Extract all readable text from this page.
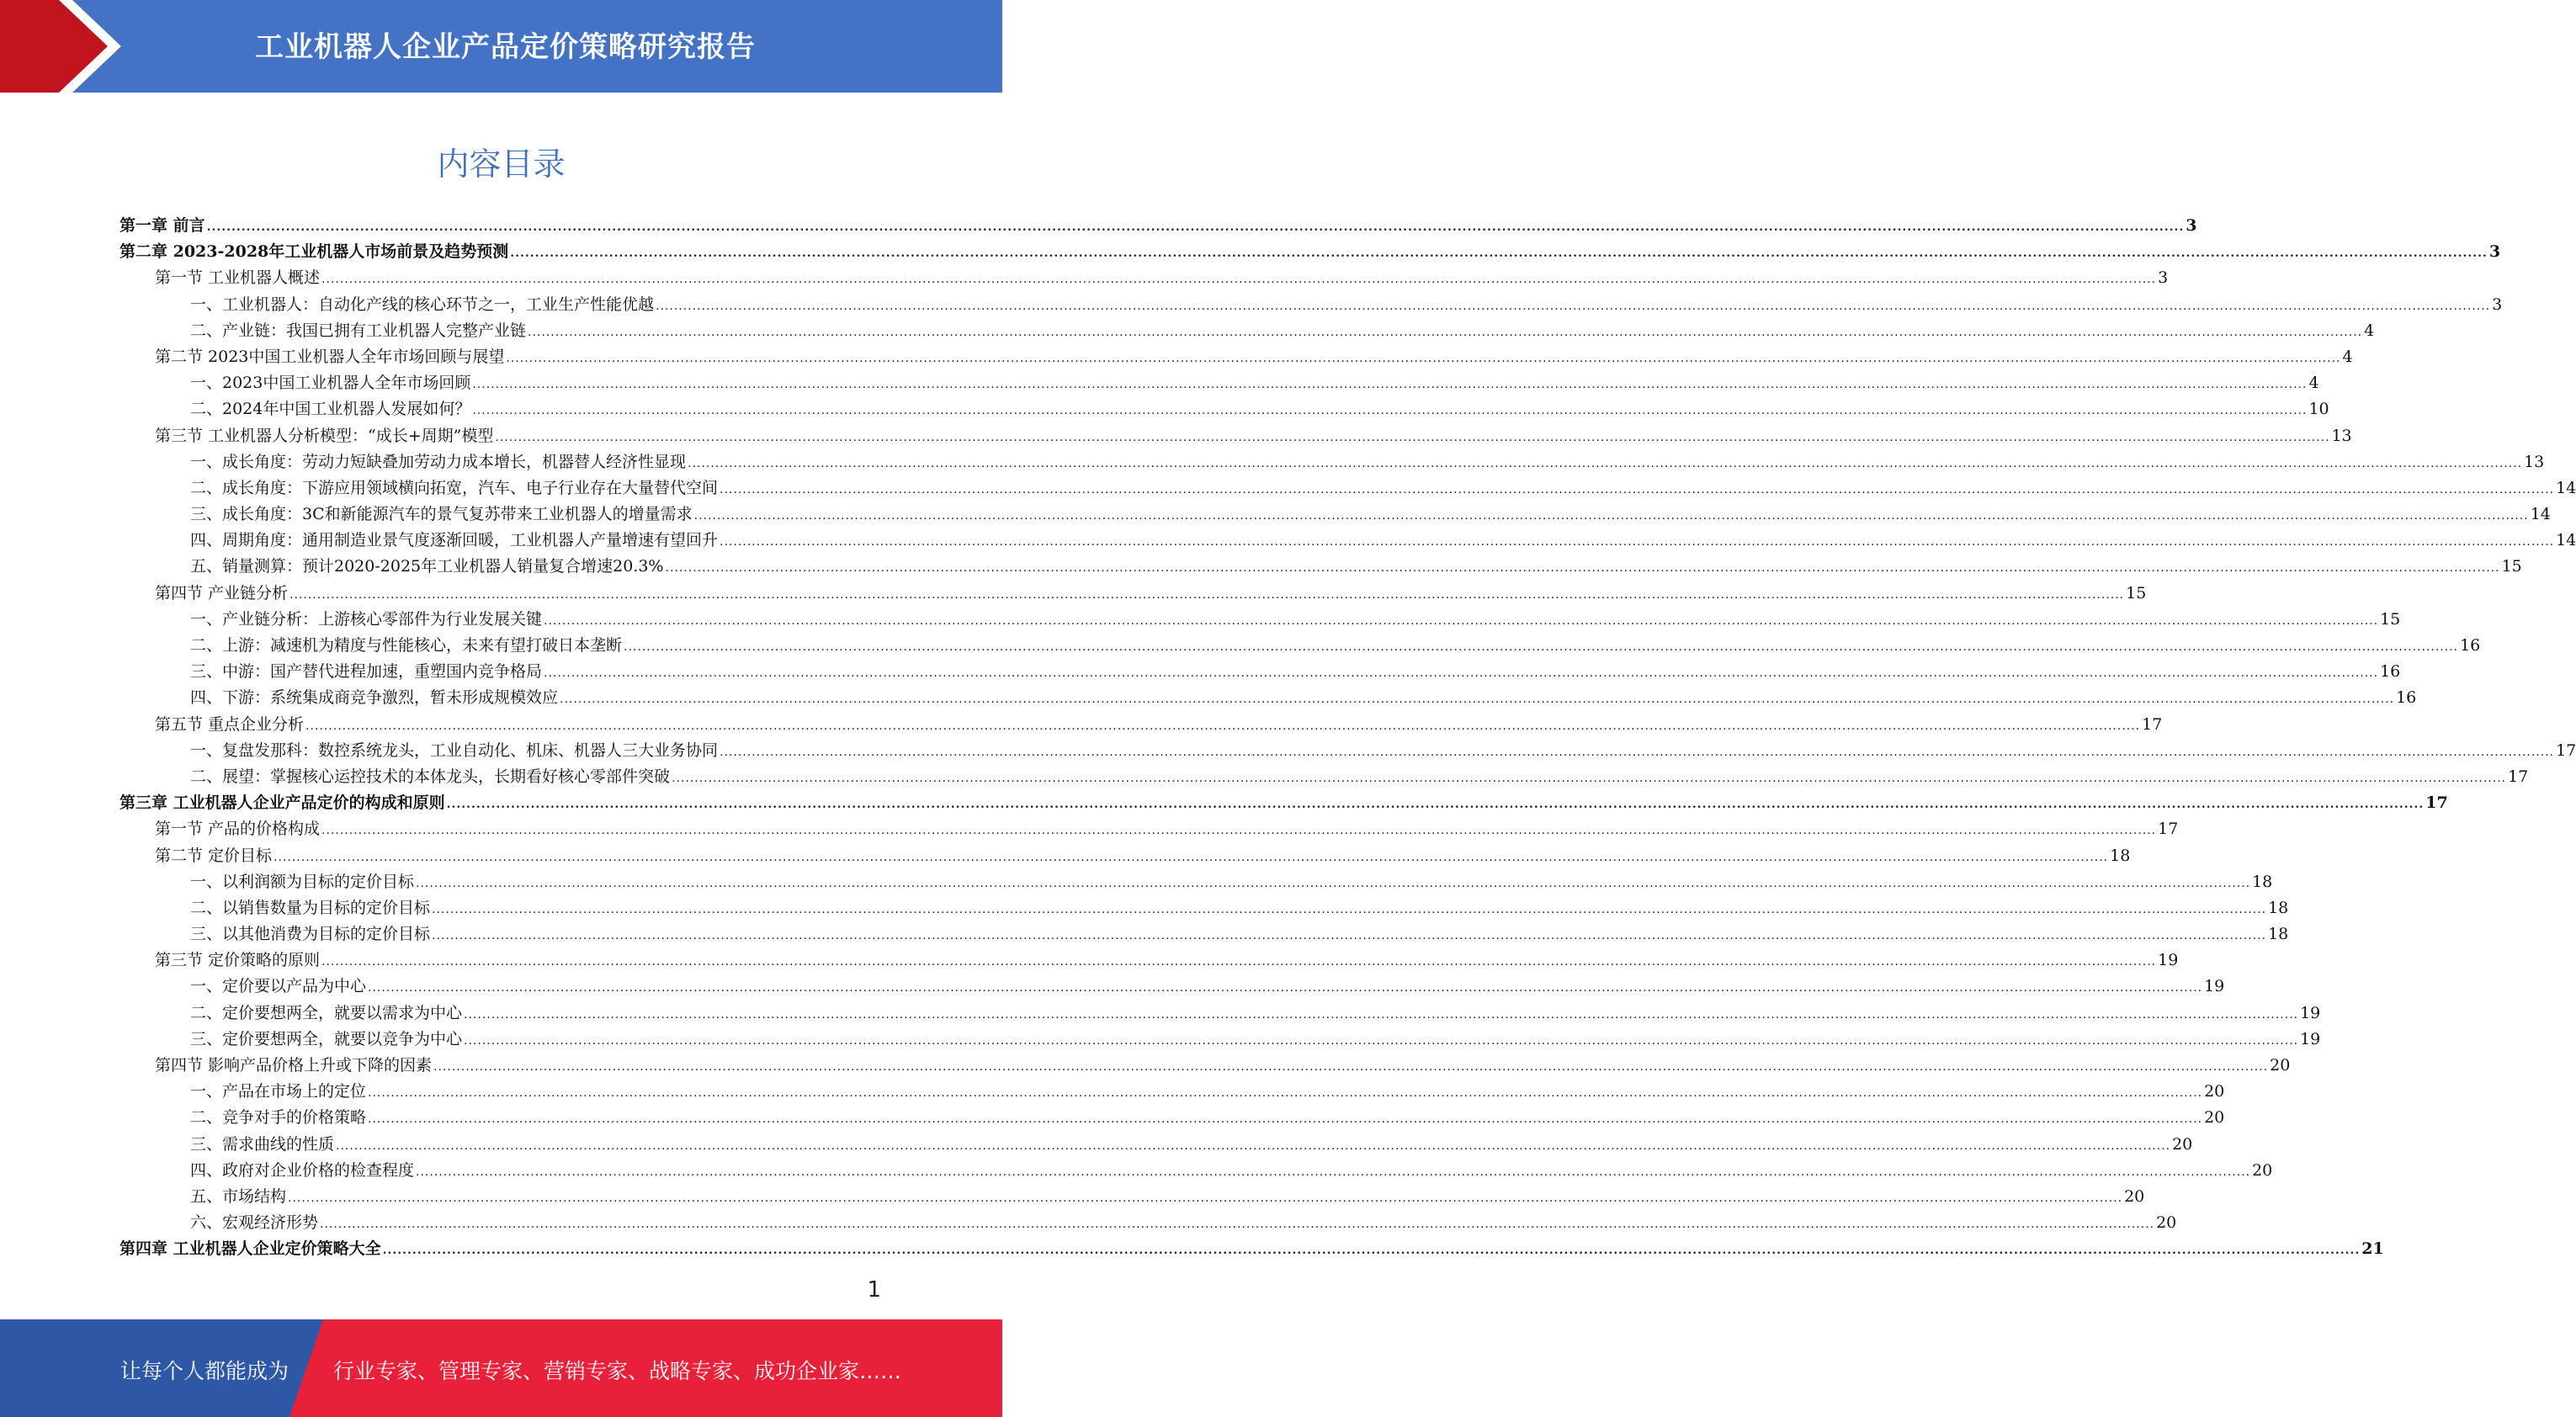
工业机器人企业产品定价策略研究报告
内容目录
第一章 前言 ................................................................................................................................................................................................................................................................................................................................................................................................................ 3
第二章 2023-2028年工业机器人市场前景及趋势预测 ................................................................................................................................................................................................................................................................................................................................................................................................................ 3
第一节 工业机器人概述 ................................................................................................................................................................................................................................................................................................................................................................................................................ 3
一、工业机器人：自动化产线的核心环节之一，工业生产性能优越 ................................................................................................................................................................................................................................................................................................................................................................................................................ 3
二、产业链：我国已拥有工业机器人完整产业链 ................................................................................................................................................................................................................................................................................................................................................................................................................ 4
第二节 2023中国工业机器人全年市场回顾与展望 ................................................................................................................................................................................................................................................................................................................................................................................................................ 4
一、2023中国工业机器人全年市场回顾 ................................................................................................................................................................................................................................................................................................................................................................................................................ 4
二、2024年中国工业机器人发展如何？ ................................................................................................................................................................................................................................................................................................................................................................................................................ 10
第三节 工业机器人分析模型：“成长+周期”模型 ................................................................................................................................................................................................................................................................................................................................................................................................................ 13
一、成长角度：劳动力短缺叠加劳动力成本增长，机器替人经济性显现 ................................................................................................................................................................................................................................................................................................................................................................................................................ 13
二、成长角度：下游应用领域横向拓宽，汽车、电子行业存在大量替代空间 ................................................................................................................................................................................................................................................................................................................................................................................................................ 14
三、成长角度：3C和新能源汽车的景气复苏带来工业机器人的增量需求 ................................................................................................................................................................................................................................................................................................................................................................................................................ 14
四、周期角度：通用制造业景气度逐渐回暖，工业机器人产量增速有望回升 ................................................................................................................................................................................................................................................................................................................................................................................................................ 14
五、销量测算：预计2020-2025年工业机器人销量复合增速20.3% ................................................................................................................................................................................................................................................................................................................................................................................................................ 15
第四节 产业链分析 ................................................................................................................................................................................................................................................................................................................................................................................................................ 15
一、产业链分析：上游核心零部件为行业发展关键 ................................................................................................................................................................................................................................................................................................................................................................................................................ 15
二、上游：减速机为精度与性能核心，未来有望打破日本垄断 ................................................................................................................................................................................................................................................................................................................................................................................................................ 16
三、中游：国产替代进程加速，重塑国内竞争格局 ................................................................................................................................................................................................................................................................................................................................................................................................................ 16
四、下游：系统集成商竞争激烈，暂未形成规模效应 ................................................................................................................................................................................................................................................................................................................................................................................................................ 16
第五节 重点企业分析 ................................................................................................................................................................................................................................................................................................................................................................................................................ 17
一、复盘发那科：数控系统龙头，工业自动化、机床、机器人三大业务协同 ................................................................................................................................................................................................................................................................................................................................................................................................................ 17
二、展望：掌握核心运控技术的本体龙头，长期看好核心零部件突破 ................................................................................................................................................................................................................................................................................................................................................................................................................ 17
第三章 工业机器人企业产品定价的构成和原则 ................................................................................................................................................................................................................................................................................................................................................................................................................ 17
第一节 产品的价格构成 ................................................................................................................................................................................................................................................................................................................................................................................................................ 17
第二节 定价目标 ................................................................................................................................................................................................................................................................................................................................................................................................................ 18
一、以利润额为目标的定价目标 ................................................................................................................................................................................................................................................................................................................................................................................................................ 18
二、以销售数量为目标的定价目标 ................................................................................................................................................................................................................................................................................................................................................................................................................ 18
三、以其他消费为目标的定价目标 ................................................................................................................................................................................................................................................................................................................................................................................................................ 18
第三节 定价策略的原则 ................................................................................................................................................................................................................................................................................................................................................................................................................ 19
一、定价要以产品为中心 ................................................................................................................................................................................................................................................................................................................................................................................................................ 19
二、定价要想两全，就要以需求为中心 ................................................................................................................................................................................................................................................................................................................................................................................................................ 19
三、定价要想两全，就要以竞争为中心 ................................................................................................................................................................................................................................................................................................................................................................................................................ 19
第四节 影响产品价格上升或下降的因素 ................................................................................................................................................................................................................................................................................................................................................................................................................ 20
一、产品在市场上的定位 ................................................................................................................................................................................................................................................................................................................................................................................................................ 20
二、竞争对手的价格策略 ................................................................................................................................................................................................................................................................................................................................................................................................................ 20
三、需求曲线的性质 ................................................................................................................................................................................................................................................................................................................................................................................................................ 20
四、政府对企业价格的检查程度 ................................................................................................................................................................................................................................................................................................................................................................................................................ 20
五、市场结构 ................................................................................................................................................................................................................................................................................................................................................................................................................ 20
六、宏观经济形势 ................................................................................................................................................................................................................................................................................................................................................................................................................ 20
第四章 工业机器人企业定价策略大全 ................................................................................................................................................................................................................................................................................................................................................................................................................ 21
1
让每个人都能成为 行业专家、管理专家、营销专家、战略专家、成功企业家……
